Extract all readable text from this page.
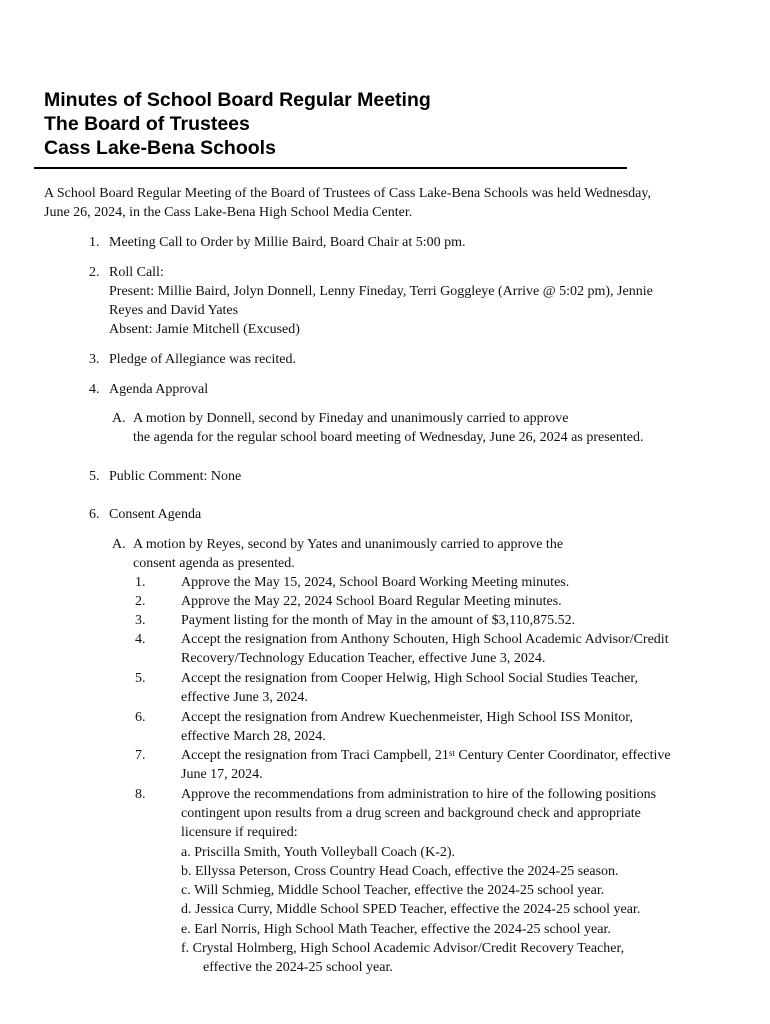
Minutes of School Board Regular Meeting
The Board of Trustees
Cass Lake-Bena Schools
A School Board Regular Meeting of the Board of Trustees of Cass Lake-Bena Schools was held Wednesday,
June 26, 2024, in the Cass Lake-Bena High School Media Center.
1. Meeting Call to Order by Millie Baird, Board Chair at 5:00 pm.
2. Roll Call:
Present: Millie Baird, Jolyn Donnell, Lenny Fineday, Terri Goggleye (Arrive @ 5:02 pm), Jennie
Reyes and David Yates
Absent: Jamie Mitchell (Excused)
3. Pledge of Allegiance was recited.
4. Agenda Approval
A. A motion by Donnell, second by Fineday and unanimously carried to approve
the agenda for the regular school board meeting of Wednesday, June 26, 2024 as presented.
5. Public Comment: None
6. Consent Agenda
A. A motion by Reyes, second by Yates and unanimously carried to approve the
consent agenda as presented.
1.	Approve the May 15, 2024, School Board Working Meeting minutes.
2.	Approve the May 22, 2024 School Board Regular Meeting minutes.
3.	Payment listing for the month of May in the amount of $3,110,875.52.
4.	Accept the resignation from Anthony Schouten, High School Academic Advisor/Credit
Recovery/Technology Education Teacher, effective June 3, 2024.
5.	Accept the resignation from Cooper Helwig, High School Social Studies Teacher,
effective June 3, 2024.
6.	Accept the resignation from Andrew Kuechenmeister, High School ISS Monitor,
effective March 28, 2024.
7.	Accept the resignation from Traci Campbell, 21st Century Center Coordinator, effective
June 17, 2024.
8.	Approve the recommendations from administration to hire of the following positions
contingent upon results from a drug screen and background check and appropriate
licensure if required:
a. Priscilla Smith, Youth Volleyball Coach (K-2).
b. Ellyssa Peterson, Cross Country Head Coach, effective the 2024-25 season.
c. Will Schmieg, Middle School Teacher, effective the 2024-25 school year.
d. Jessica Curry, Middle School SPED Teacher, effective the 2024-25 school year.
e. Earl Norris, High School Math Teacher, effective the 2024-25 school year.
f. Crystal Holmberg, High School Academic Advisor/Credit Recovery Teacher,
effective the 2024-25 school year.
